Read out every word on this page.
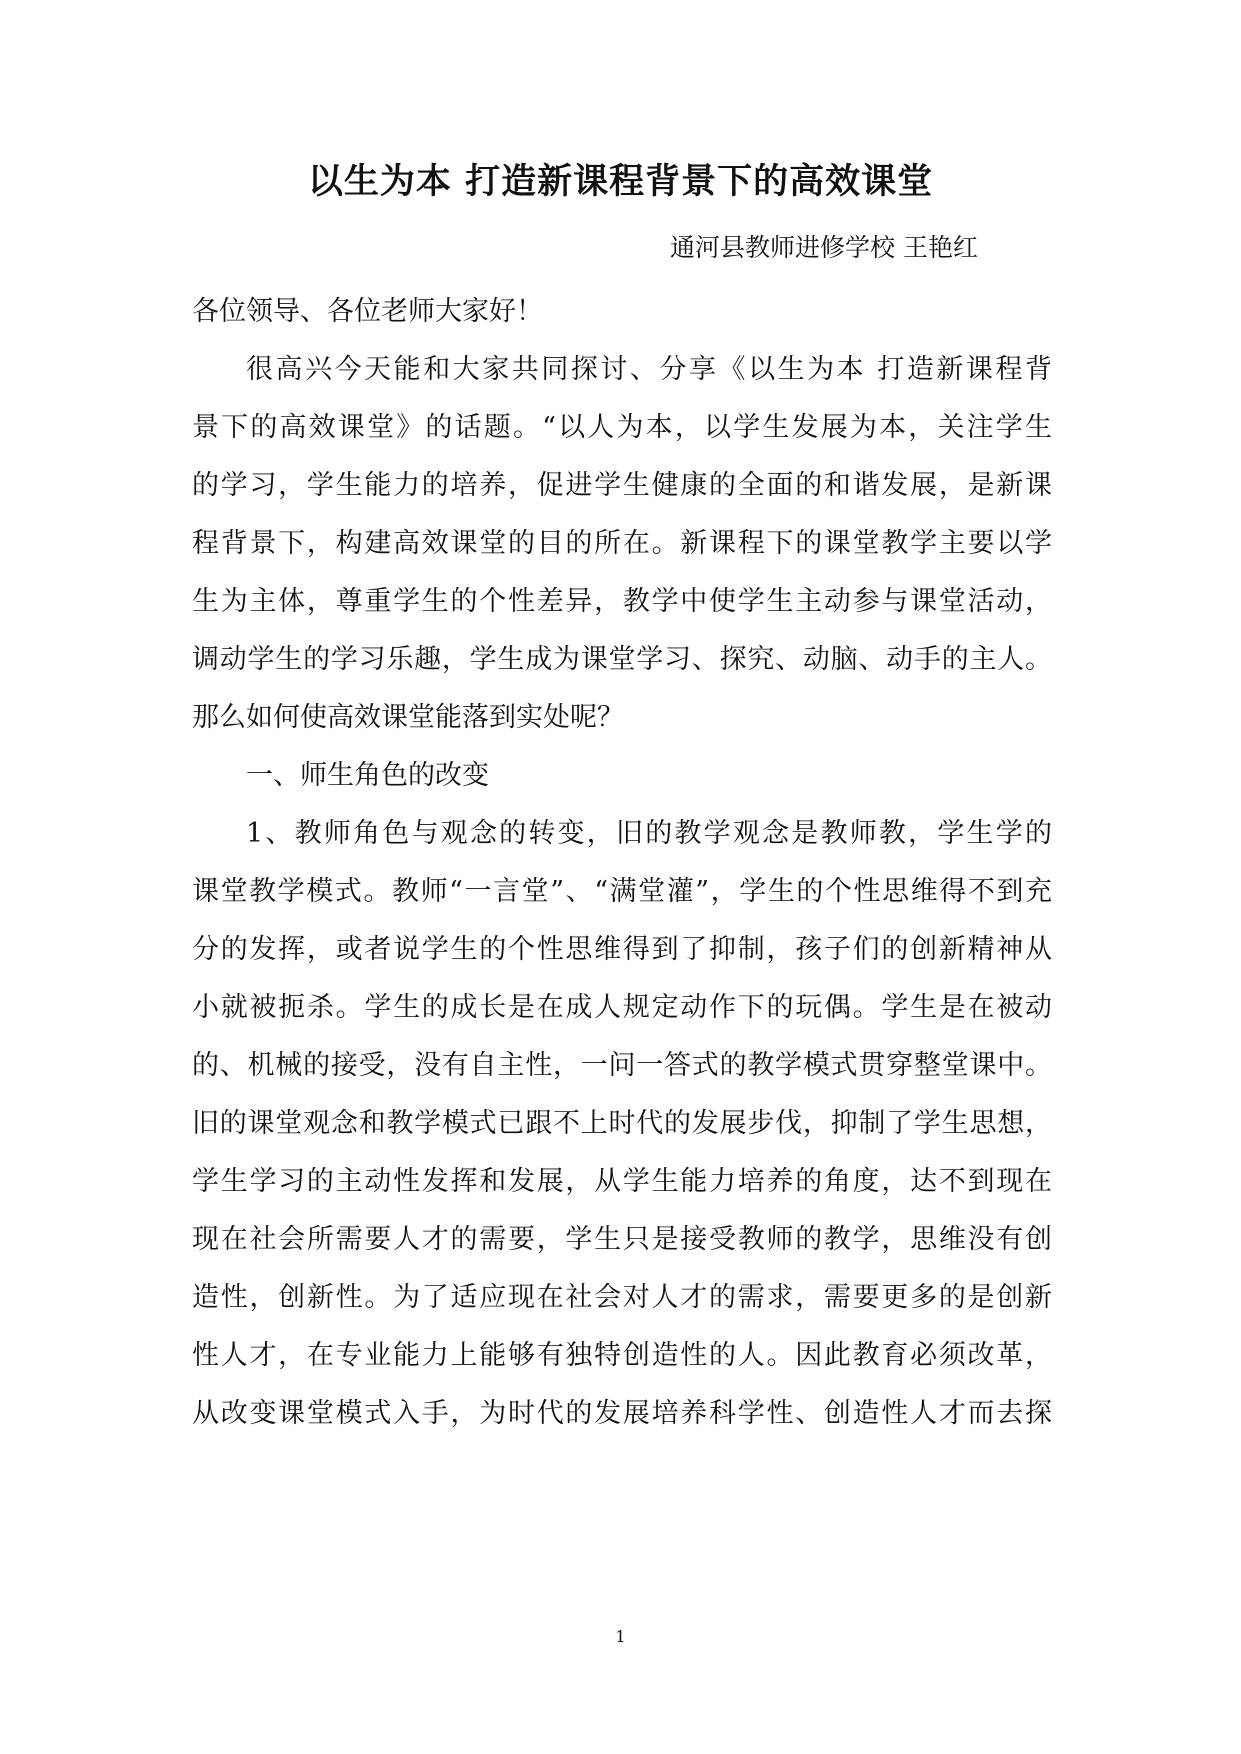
以生为本 打造新课程背景下的高效课堂
通河县教师进修学校 王艳红
各位领导、各位老师大家好！
很高兴今天能和大家共同探讨、分享《以生为本 打造新课程背
景下的高效课堂》的话题。“以人为本，以学生发展为本，关注学生
的学习，学生能力的培养，促进学生健康的全面的和谐发展，是新课
程背景下，构建高效课堂的目的所在。新课程下的课堂教学主要以学
生为主体，尊重学生的个性差异，教学中使学生主动参与课堂活动，
调动学生的学习乐趣，学生成为课堂学习、探究、动脑、动手的主人。
那么如何使高效课堂能落到实处呢？
一、师生角色的改变
1、教师角色与观念的转变，旧的教学观念是教师教，学生学的
课堂教学模式。教师“一言堂”、“满堂灌”，学生的个性思维得不到充
分的发挥，或者说学生的个性思维得到了抑制，孩子们的创新精神从
小就被扼杀。学生的成长是在成人规定动作下的玩偶。学生是在被动
的、机械的接受，没有自主性，一问一答式的教学模式贯穿整堂课中。
旧的课堂观念和教学模式已跟不上时代的发展步伐，抑制了学生思想，
学生学习的主动性发挥和发展，从学生能力培养的角度，达不到现在
现在社会所需要人才的需要，学生只是接受教师的教学，思维没有创
造性，创新性。为了适应现在社会对人才的需求，需要更多的是创新
性人才，在专业能力上能够有独特创造性的人。因此教育必须改革，
从改变课堂模式入手，为时代的发展培养科学性、创造性人才而去探
1
